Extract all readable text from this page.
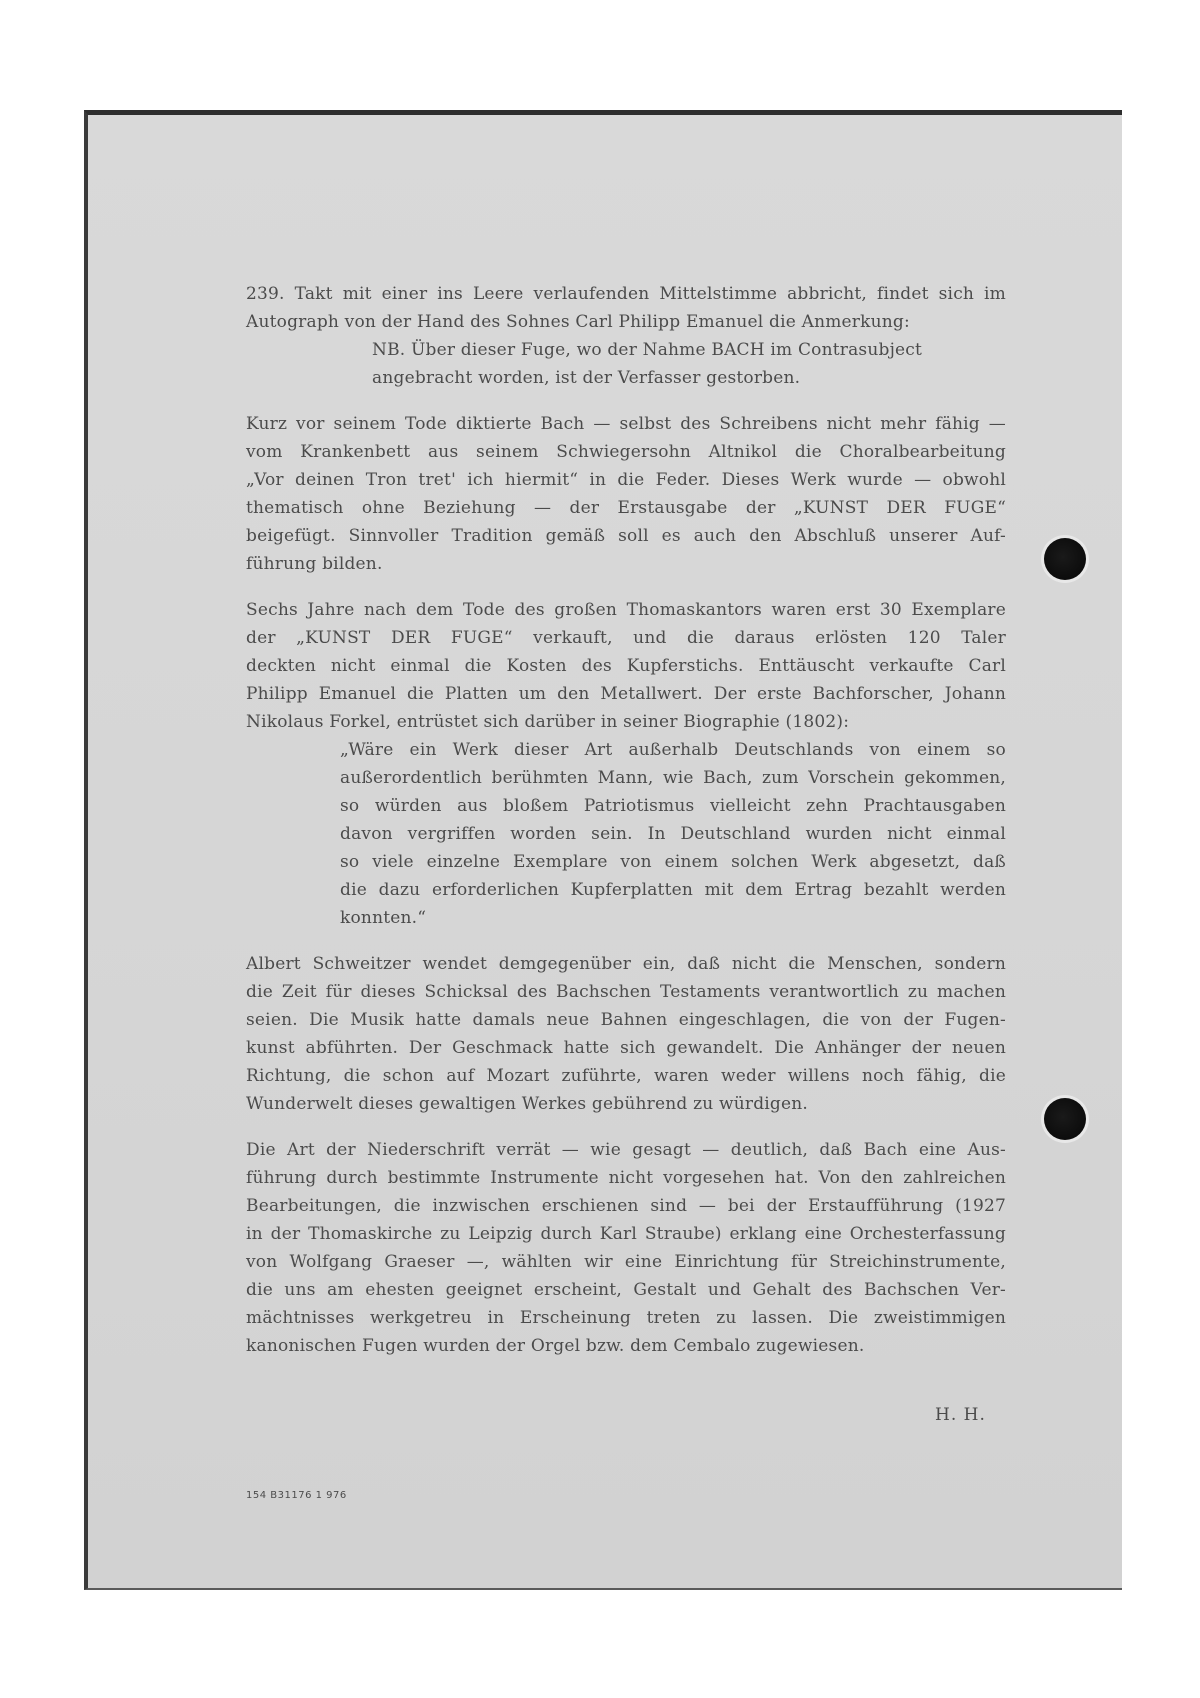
239. Takt mit einer ins Leere verlaufenden Mittelstimme abbricht, findet sich im
Autograph von der Hand des Sohnes Carl Philipp Emanuel die Anmerkung:
NB. Über dieser Fuge, wo der Nahme BACH im Contrasubject
angebracht worden, ist der Verfasser gestorben.
Kurz vor seinem Tode diktierte Bach — selbst des Schreibens nicht mehr fähig —
vom Krankenbett aus seinem Schwiegersohn Altnikol die Choralbearbeitung
„Vor deinen Tron tret' ich hiermit“ in die Feder. Dieses Werk wurde — obwohl
thematisch ohne Beziehung — der Erstausgabe der „KUNST DER FUGE“
beigefügt. Sinnvoller Tradition gemäß soll es auch den Abschluß unserer Auf-
führung bilden.
Sechs Jahre nach dem Tode des großen Thomaskantors waren erst 30 Exemplare
der „KUNST DER FUGE“ verkauft, und die daraus erlösten 120 Taler
deckten nicht einmal die Kosten des Kupferstichs. Enttäuscht verkaufte Carl
Philipp Emanuel die Platten um den Metallwert. Der erste Bachforscher, Johann
Nikolaus Forkel, entrüstet sich darüber in seiner Biographie (1802):
„Wäre ein Werk dieser Art außerhalb Deutschlands von einem so
außerordentlich berühmten Mann, wie Bach, zum Vorschein gekommen,
so würden aus bloßem Patriotismus vielleicht zehn Prachtausgaben
davon vergriffen worden sein. In Deutschland wurden nicht einmal
so viele einzelne Exemplare von einem solchen Werk abgesetzt, daß
die dazu erforderlichen Kupferplatten mit dem Ertrag bezahlt werden
konnten.“
Albert Schweitzer wendet demgegenüber ein, daß nicht die Menschen, sondern
die Zeit für dieses Schicksal des Bachschen Testaments verantwortlich zu machen
seien. Die Musik hatte damals neue Bahnen eingeschlagen, die von der Fugen-
kunst abführten. Der Geschmack hatte sich gewandelt. Die Anhänger der neuen
Richtung, die schon auf Mozart zuführte, waren weder willens noch fähig, die
Wunderwelt dieses gewaltigen Werkes gebührend zu würdigen.
Die Art der Niederschrift verrät — wie gesagt — deutlich, daß Bach eine Aus-
führung durch bestimmte Instrumente nicht vorgesehen hat. Von den zahlreichen
Bearbeitungen, die inzwischen erschienen sind — bei der Erstaufführung (1927
in der Thomaskirche zu Leipzig durch Karl Straube) erklang eine Orchesterfassung
von Wolfgang Graeser —, wählten wir eine Einrichtung für Streichinstrumente,
die uns am ehesten geeignet erscheint, Gestalt und Gehalt des Bachschen Ver-
mächtnisses werkgetreu in Erscheinung treten zu lassen. Die zweistimmigen
kanonischen Fugen wurden der Orgel bzw. dem Cembalo zugewiesen.
H. H.
154 B31176 1 976
